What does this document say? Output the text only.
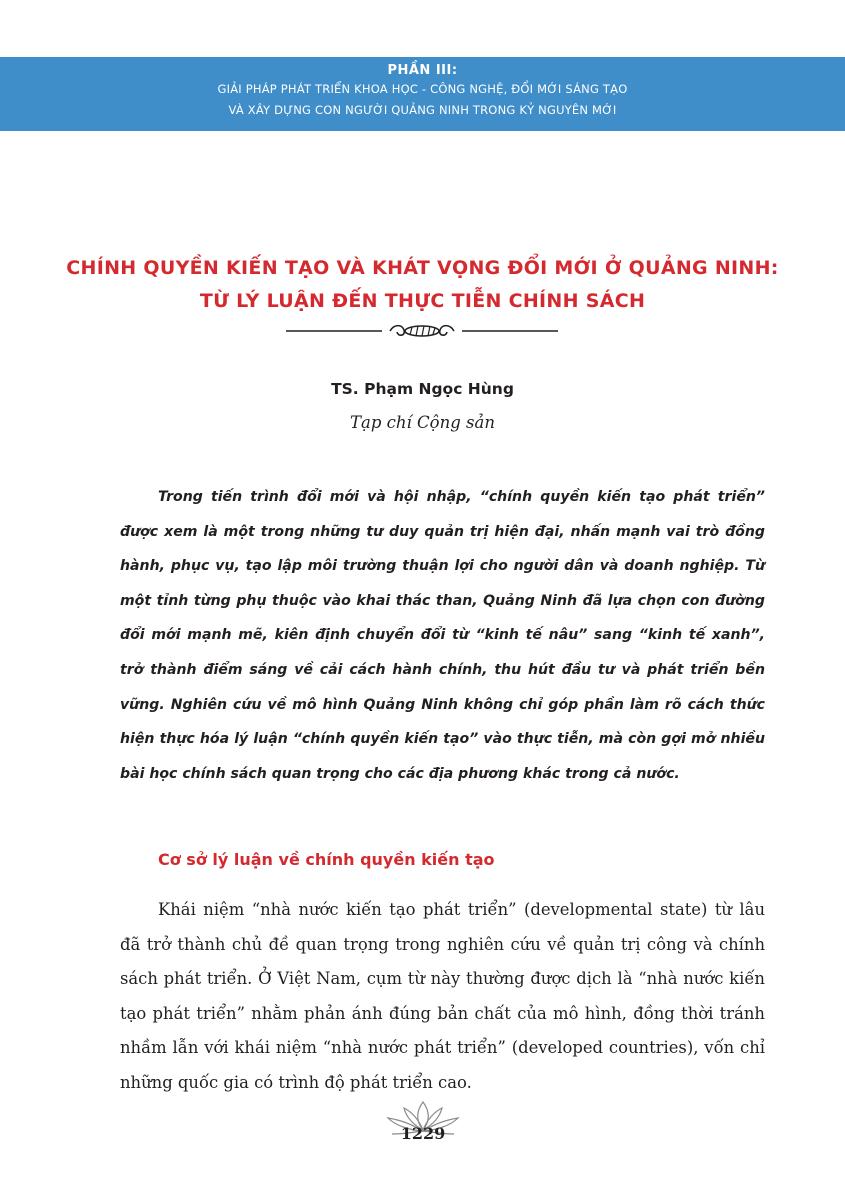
PHẦN III:
GIẢI PHÁP PHÁT TRIỂN KHOA HỌC - CÔNG NGHỆ, ĐỔI MỚI SÁNG TẠO
VÀ XÂY DỰNG CON NGƯỜI QUẢNG NINH TRONG KỶ NGUYÊN MỚI
CHÍNH QUYỀN KIẾN TẠO VÀ KHÁT VỌNG ĐỔI MỚI Ở QUẢNG NINH: TỪ LÝ LUẬN ĐẾN THỰC TIỄN CHÍNH SÁCH
TS. Phạm Ngọc Hùng
Tạp chí Cộng sản

Trong tiến trình đổi mới và hội nhập, “chính quyền kiến tạo phát triển” được xem là một trong những tư duy quản trị hiện đại, nhấn mạnh vai trò đồng hành, phục vụ, tạo lập môi trường thuận lợi cho người dân và doanh nghiệp. Từ một tỉnh từng phụ thuộc vào khai thác than, Quảng Ninh đã lựa chọn con đường đổi mới mạnh mẽ, kiên định chuyển đổi từ “kinh tế nâu” sang “kinh tế xanh”, trở thành điểm sáng về cải cách hành chính, thu hút đầu tư và phát triển bền vững. Nghiên cứu về mô hình Quảng Ninh không chỉ góp phần làm rõ cách thức hiện thực hóa lý luận “chính quyền kiến tạo” vào thực tiễn, mà còn gợi mở nhiều bài học chính sách quan trọng cho các địa phương khác trong cả nước.

Cơ sở lý luận về chính quyền kiến tạo

Khái niệm “nhà nước kiến tạo phát triển” (developmental state) từ lâu đã trở thành chủ đề quan trọng trong nghiên cứu về quản trị công và chính sách phát triển. Ở Việt Nam, cụm từ này thường được dịch là “nhà nước kiến tạo phát triển” nhằm phản ánh đúng bản chất của mô hình, đồng thời tránh nhầm lẫn với khái niệm “nhà nước phát triển” (developed countries), vốn chỉ những quốc gia có trình độ phát triển cao.

1229
